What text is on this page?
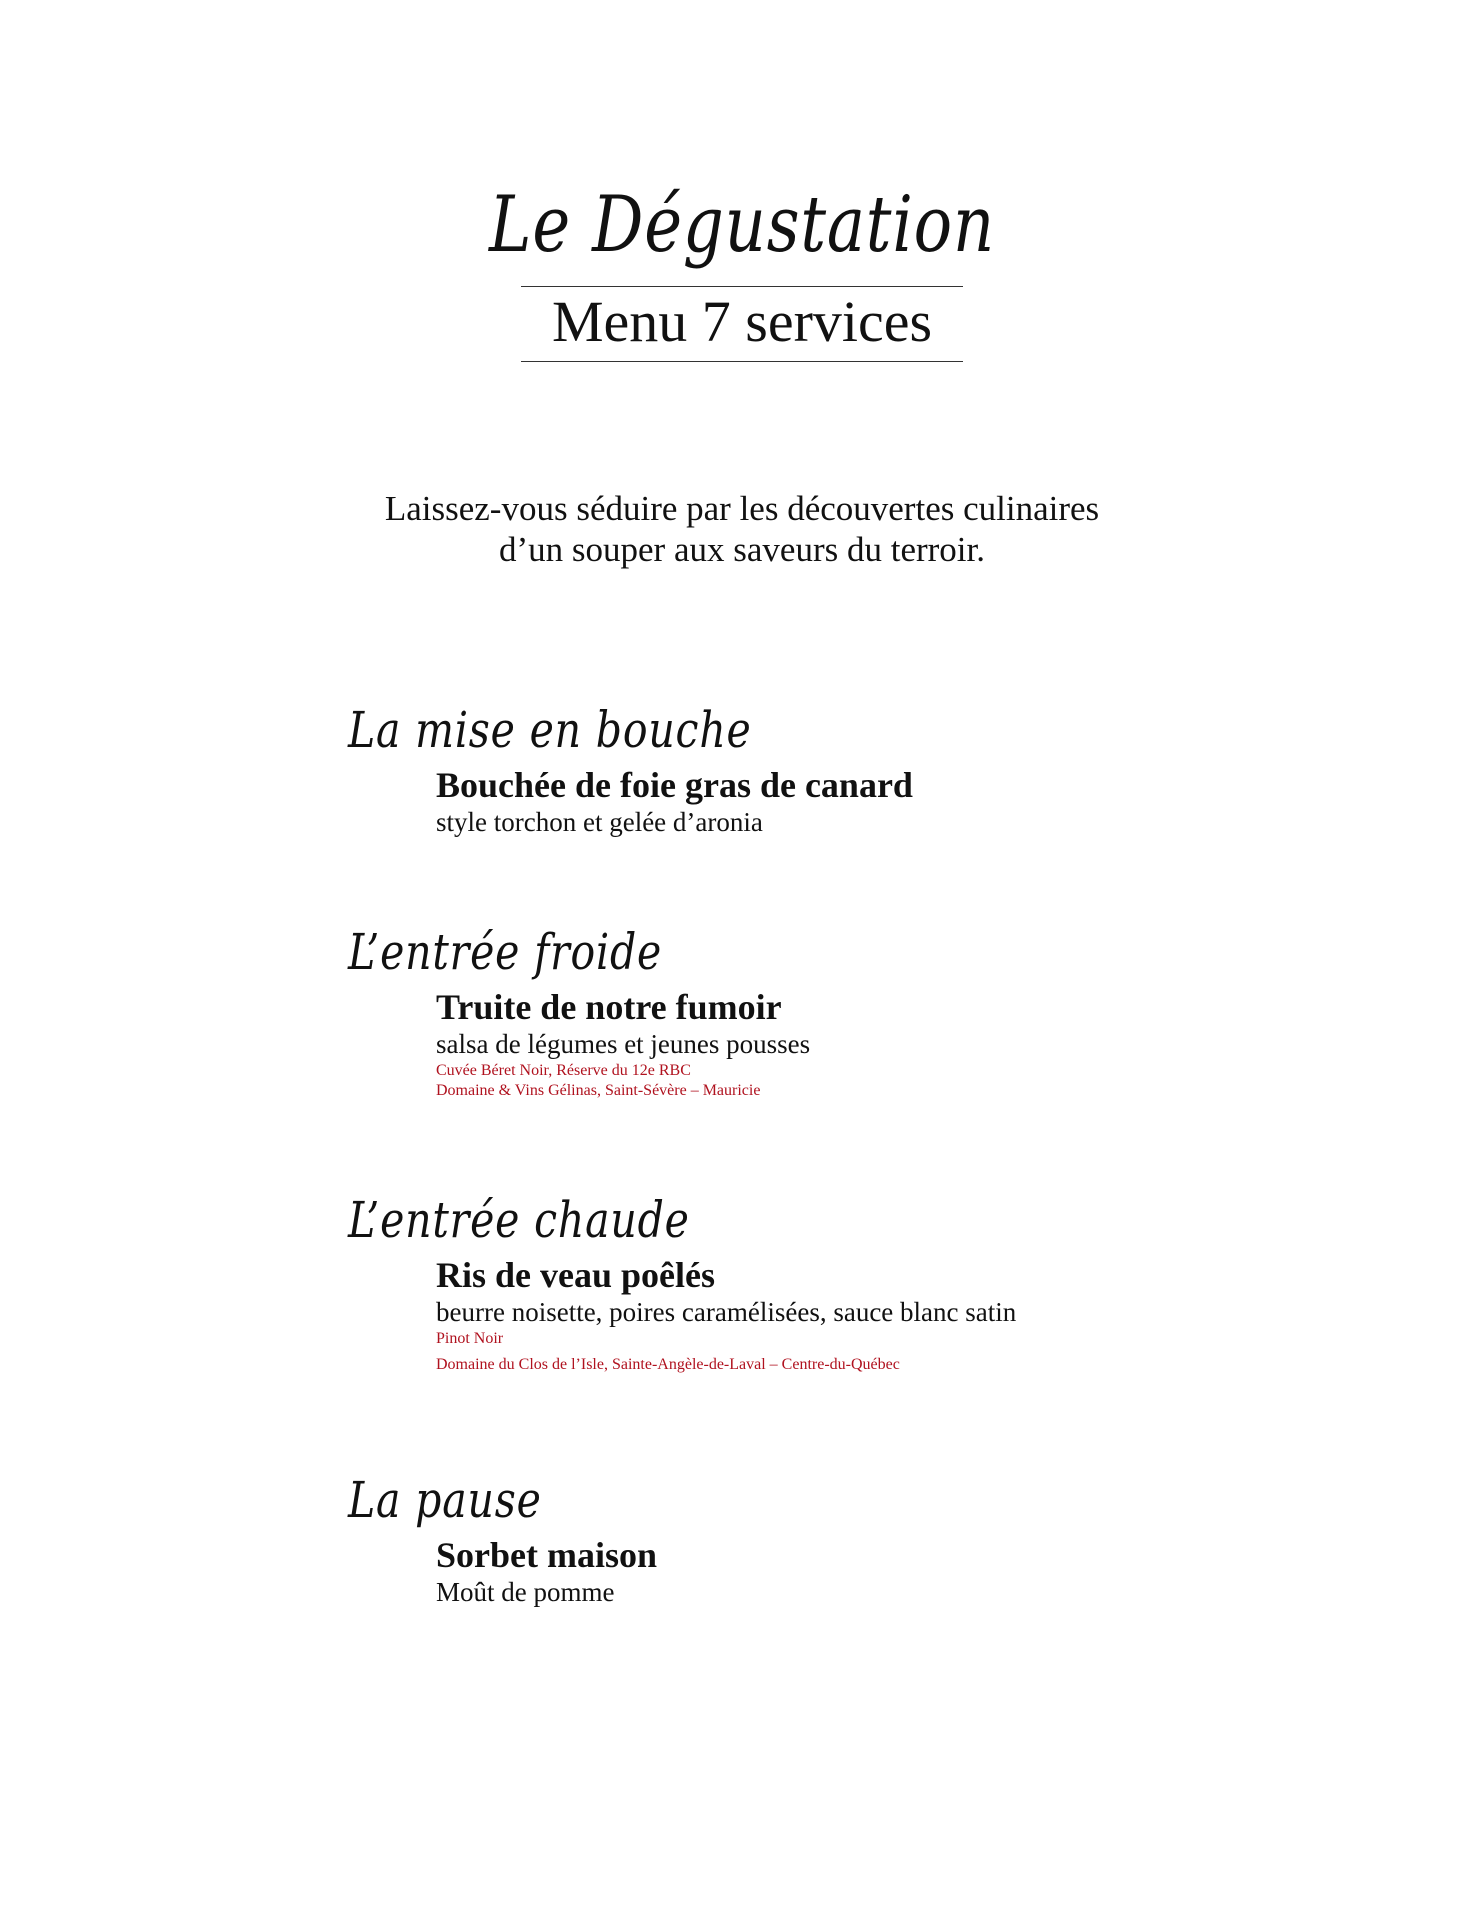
Le Dégustation
Menu 7 services
Laissez-vous séduire par les découvertes culinaires
d’un souper aux saveurs du terroir.
La mise en bouche
Bouchée de foie gras de canard
style torchon et gelée d’aronia
L’entrée froide
Truite de notre fumoir
salsa de légumes et jeunes pousses
Cuvée Béret Noir, Réserve du 12e RBC
Domaine & Vins Gélinas, Saint-Sévère – Mauricie
L’entrée chaude
Ris de veau poêlés
beurre noisette, poires caramélisées, sauce blanc satin
Pinot Noir
Domaine du Clos de l’Isle, Sainte-Angèle-de-Laval – Centre-du-Québec
La pause
Sorbet maison
Moût de pomme
